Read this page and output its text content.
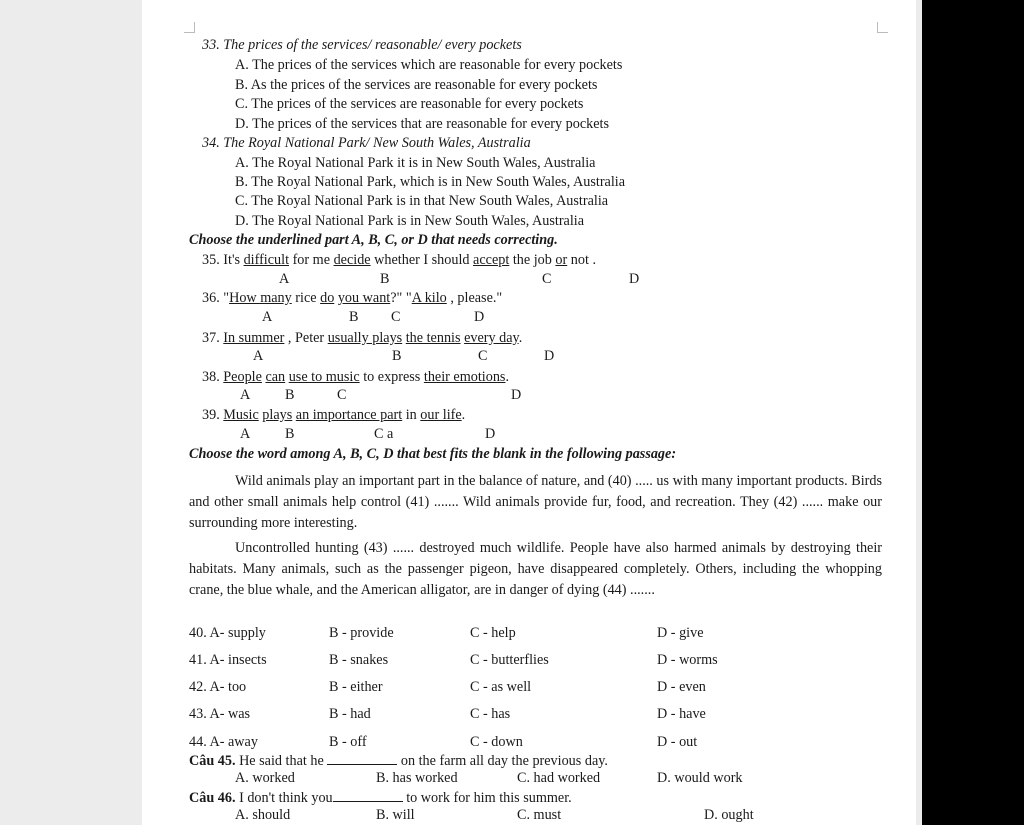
33. The prices of the services/ reasonable/ every pockets
A. The prices of the services which are reasonable for every pockets
B. As the prices of the services are reasonable for every pockets
C. The prices of the services are reasonable for every pockets
D. The prices of the services that are reasonable for every pockets
34. The Royal National Park/ New South Wales, Australia
A. The Royal National Park it is in New South Wales, Australia
B. The Royal National Park, which is in New South Wales, Australia
C. The Royal National Park is in that New South Wales, Australia
D. The Royal National Park is in New South Wales, Australia
Choose the underlined part A, B, C, or D that needs correcting.
35. It's difficult for me decide whether I should accept the job or not .
A	B	C	D
36. "How many rice do you want?" "A kilo , please."
A	B C	D
37. In summer , Peter usually plays the tennis every day.
A	B	C	D
38. People can use to music to express their emotions.
A B	C	D
39. Music plays an importance part in our life.
A B	C a	D
Choose the word among A, B, C, D that best fits the blank in the following passage:
Wild animals play an important part in the balance of nature, and (40) ..... us with many important products. Birds and other small animals help control (41) ....... Wild animals provide fur, food, and recreation. They (42) ...... make our surrounding more interesting.
Uncontrolled hunting (43) ...... destroyed much wildlife. People have also harmed animals by destroying their habitats. Many animals, such as the passenger pigeon, have disappeared completely. Others, including the whopping crane, the blue whale, and the American alligator, are in danger of dying (44) .......
40. A- supply	B - provide	C - help	D - give
41. A- insects	B - snakes	C - butterflies	D - worms
42. A- too	B - either	C - as well	D - even
43. A- was	B - had	C - has	D - have
44. A- away	B - off	C - down	D - out
Câu 45. He said that he	on the farm all day the previous day.
A. worked	B. has worked	C. had worked	D. would work
Câu 46. I don't think you	to work for him this summer.
A. should	B. will	C. must	D. ought
